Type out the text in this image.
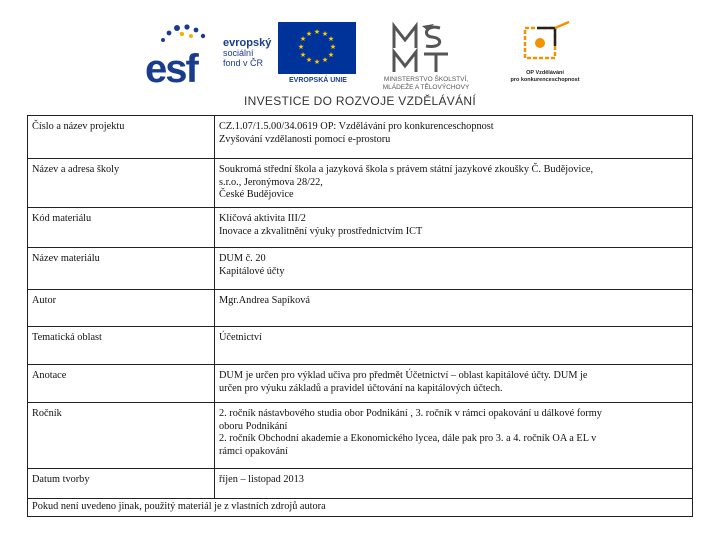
esf
evropský
sociální
fond v ČR
★ ★
★
★
★
★
★
★
★
★
★
★
EVROPSKÁ UNIE	MINISTERSTVO ŠKOLSTVÍ,
MLÁDEŽE A TĚLOVÝCHOVY
OP Vzdělávání
pro konkurenceschopnost
INVESTICE DO ROZVOJE VZDĚLÁVÁNÍ
Číslo a název projektu	CZ.1.07/1.5.00/34.0619 OP: Vzdělávání pro konkurenceschopnost
Zvyšování vzdělanosti pomocí e-prostoru

Název a adresa školy	Soukromá střední škola a jazyková škola s právem státní jazykové zkoušky Č. Budějovice,
s.r.o., Jeronýmova 28/22,
České Budějovice

Kód materiálu	Klíčová aktivita III/2
Inovace a zkvalitnění výuky prostřednictvím ICT

Název materiálu	DUM č. 20
Kapitálové účty

Autor	Mgr.Andrea Sapíková

Tematická oblast	Účetnictví

Anotace	DUM je určen pro výklad učiva pro předmět Účetnictví – oblast kapitálové účty. DUM je
určen pro výuku základů a pravidel účtování na kapitálových účtech.

Ročník	2. ročník nástavbového studia obor Podnikání , 3. ročník v rámci opakování u dálkové formy
oboru Podnikání
2. ročník Obchodní akademie a Ekonomického lycea, dále pak pro 3. a 4. ročník OA a EL v
rámci opakování

Datum tvorby	říjen – listopad 2013

Pokud není uvedeno jinak, použitý materiál je z vlastních zdrojů autora	
